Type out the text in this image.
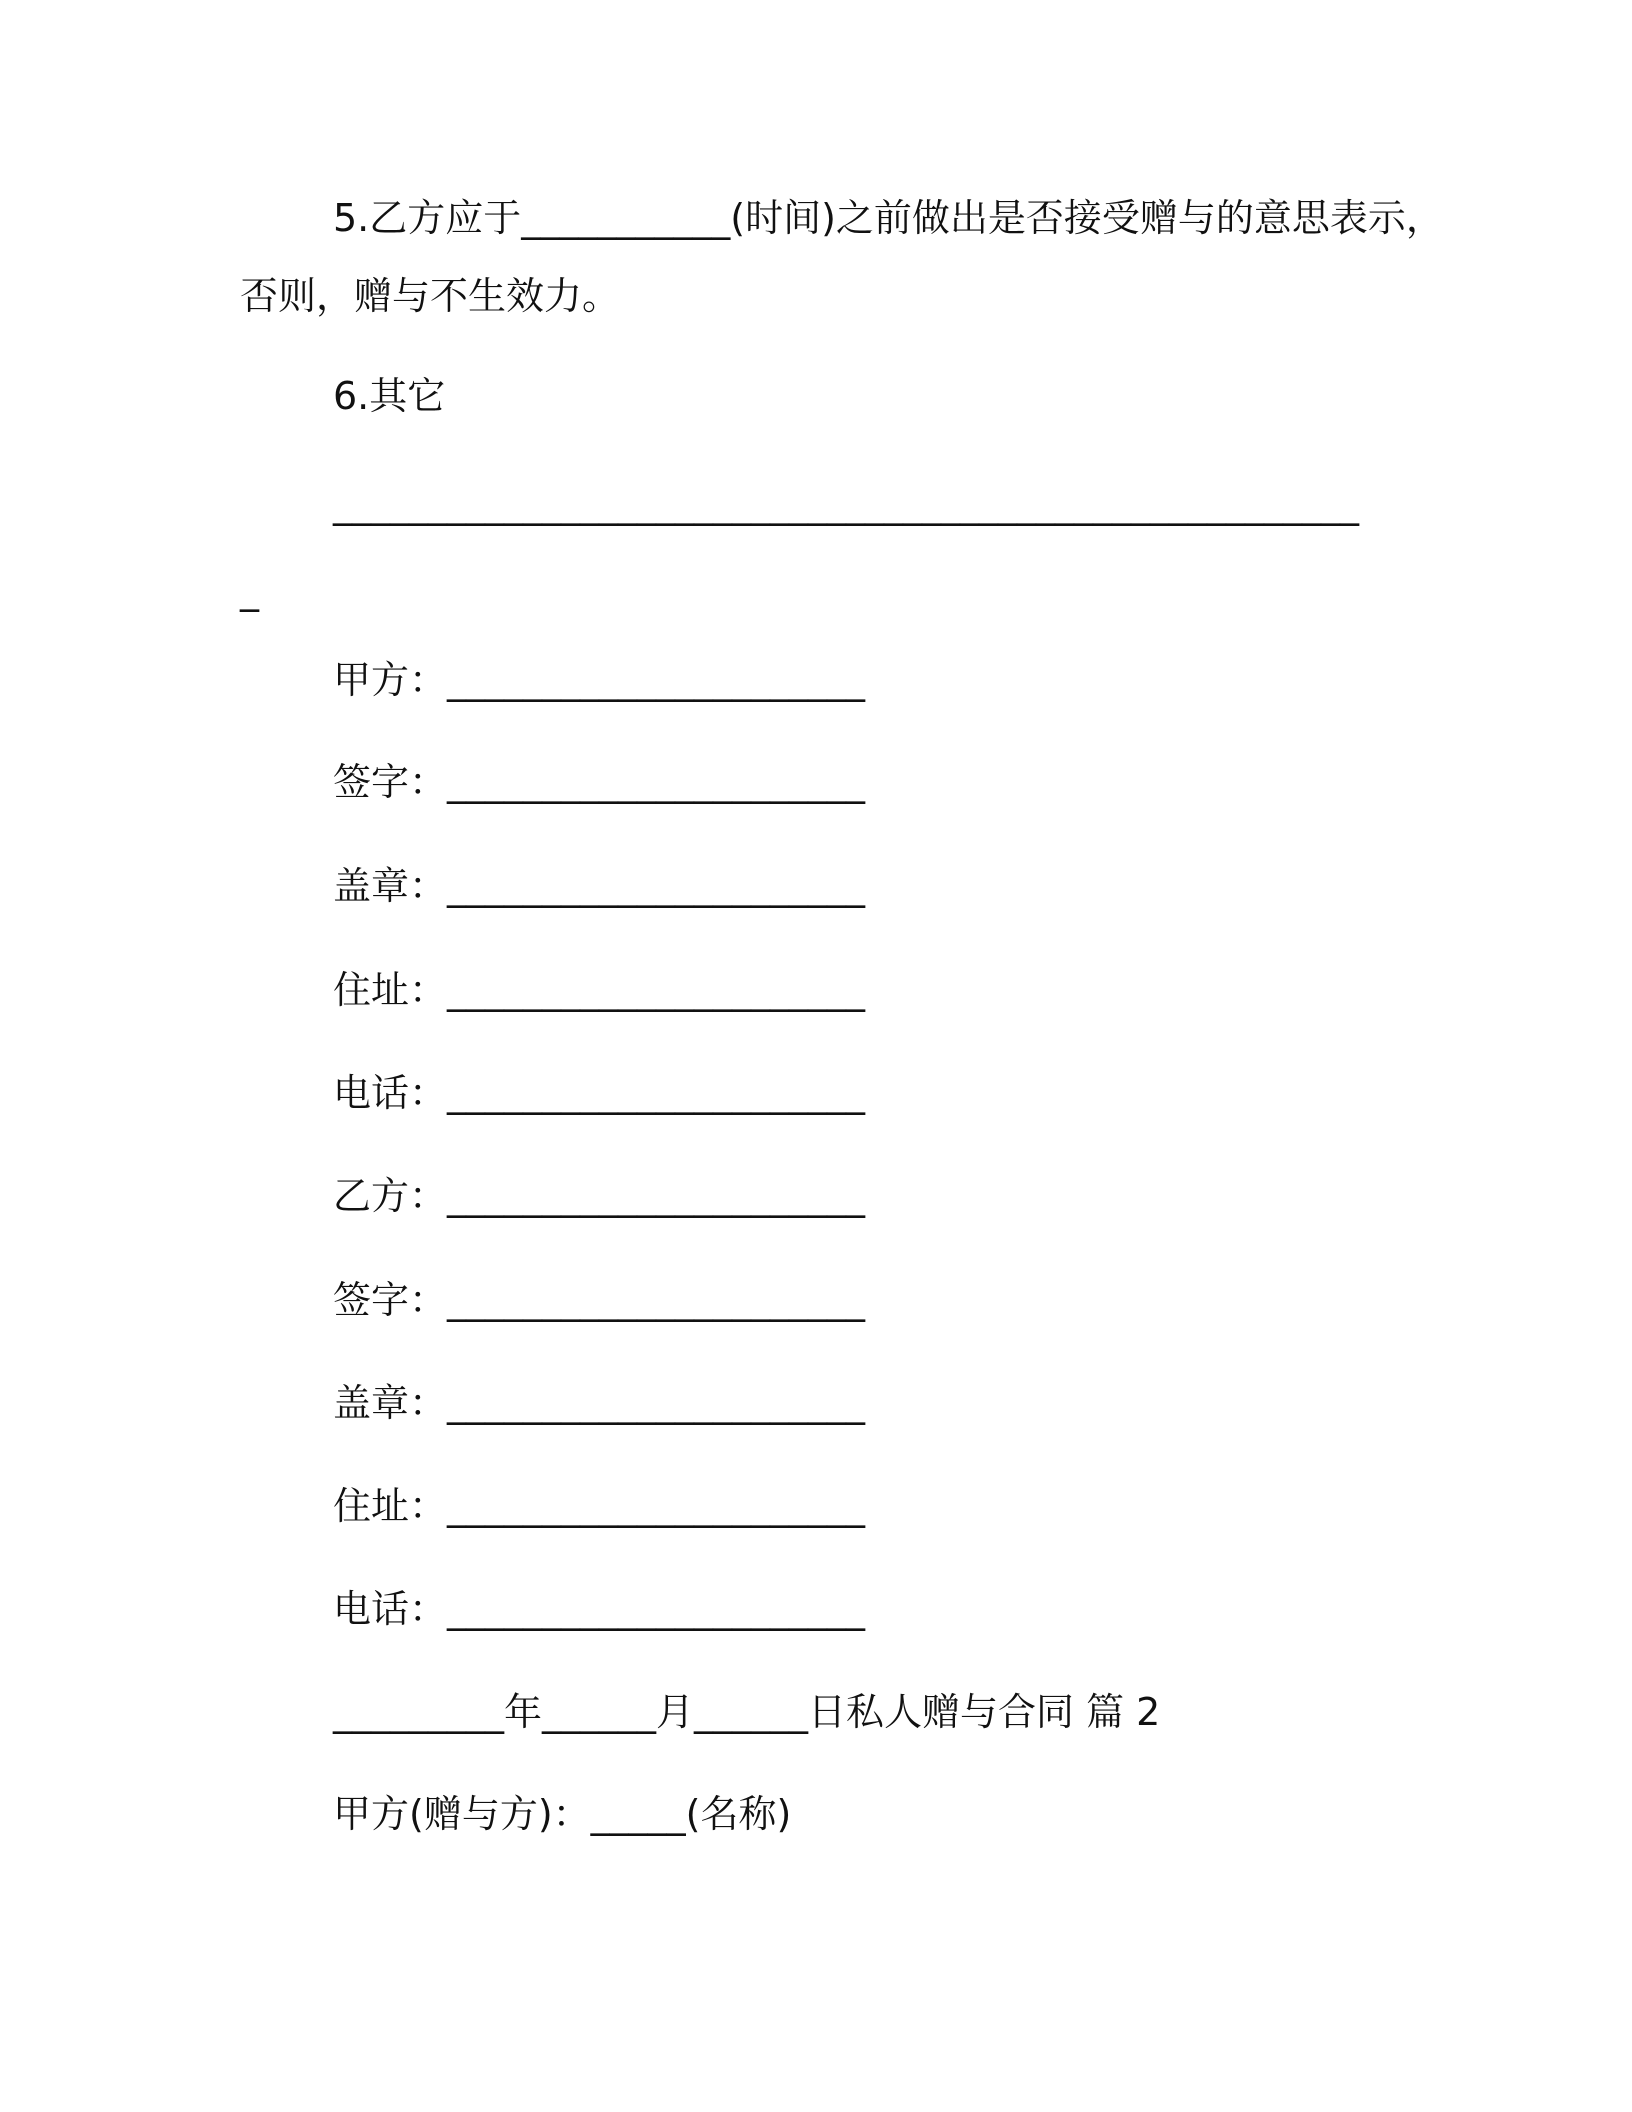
5.乙方应于___________(时间)之前做出是否接受赠与的意思表示，
否则，赠与不生效力。
6.其它
______________________________________________________
_
甲方：______________________
签字：______________________
盖章：______________________
住址：______________________
电话：______________________
乙方：______________________
签字：______________________
盖章：______________________
住址：______________________
电话：______________________
_________年______月______日私人赠与合同 篇 2
甲方(赠与方)：_____(名称)
